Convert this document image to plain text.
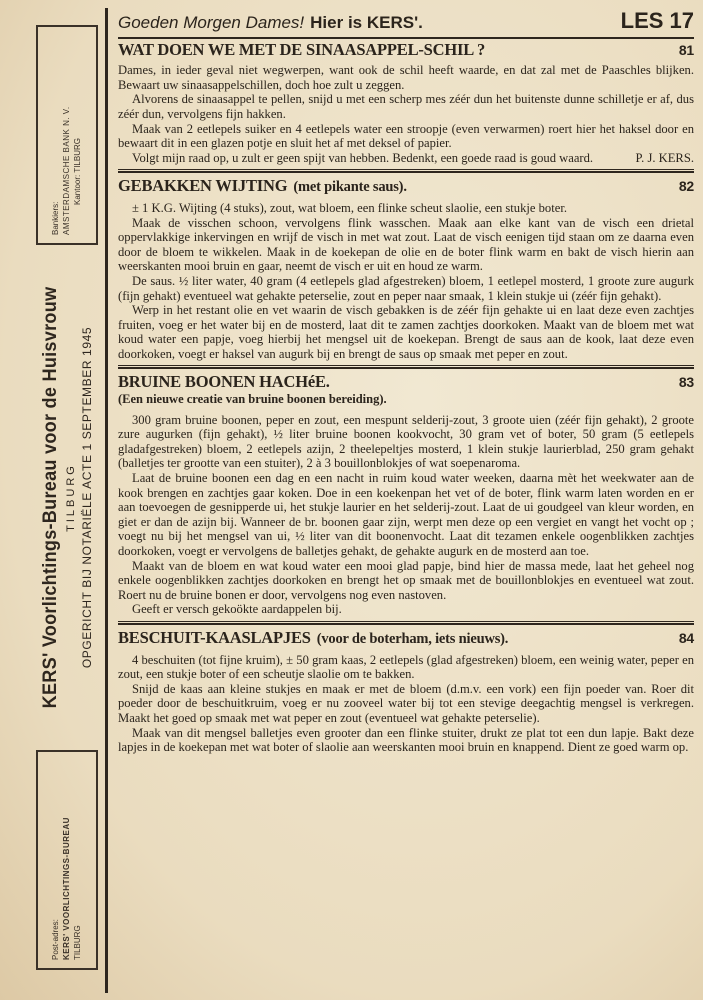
Post-adres: KERS' VOORLICHTINGS-BUREAU TILBURG
KERS' Voorlichtings-Bureau voor de Huisvrouw TILBURG OPGERICHT BIJ NOTARIËLE ACTE 1 SEPTEMBER 1945
Bankiers: AMSTERDAMSCHE BANK N. V. Kantoor: TILBURG
Goeden Morgen Dames! Hier is KERS'.	LES 17
WAT DOEN WE MET DE SINAASAPPEL-SCHIL ?	81

Dames, in ieder geval niet wegwerpen, want ook de schil heeft waarde, en dat zal met de Paaschles blijken. Bewaart uw sinaasappelschillen, doch hoe zult u zeggen.

Alvorens de sinaasappel te pellen, snijd u met een scherp mes zéér dun het buitenste dunne schilletje er af, dus zéér dun, vervolgens fijn hakken.

Maak van 2 eetlepels suiker en 4 eetlepels water een stroopje (even verwarmen) roert hier het haksel door en bewaart dit in een glazen potje en sluit het af met deksel of papier.

Volgt mijn raad op, u zult er geen spijt van hebben. Bedenkt, een goede raad is goud waard.	P. J. KERS.
GEBAKKEN WIJTING (met pikante saus).	82

± 1 K.G. Wijting (4 stuks), zout, wat bloem, een flinke scheut slaolie, een stukje boter.

Maak de visschen schoon, vervolgens flink wasschen. Maak aan elke kant van de visch een drietal oppervlakkige inkervingen en wrijf de visch in met wat zout. Laat de visch eenigen tijd staan om ze daarna even door de bloem te wikkelen. Maak in de koekepan de olie en de boter flink warm en bakt de visch hierin aan weerskanten mooi bruin en gaar, neemt de visch er uit en houd ze warm.

De saus. ½ liter water, 40 gram (4 eetlepels glad afgestreken) bloem, 1 eetlepel mosterd, 1 groote zure augurk (fijn gehakt) eventueel wat gehakte peterselie, zout en peper naar smaak, 1 klein stukje ui (zéér fijn gehakt).

Werp in het restant olie en vet waarin de visch gebakken is de zéér fijn gehakte ui en laat deze even zachtjes fruiten, voeg er het water bij en de mosterd, laat dit te zamen zachtjes doorkoken. Maakt van de bloem met wat koud water een papje, voeg hierbij het mengsel uit de koekepan. Brengt de saus aan de kook, laat deze even doorkoken, voegt er haksel van augurk bij en brengt de saus op smaak met peper en zout.

BRUINE BOONEN HACHéE.	83
(Een nieuwe creatie van bruine boonen bereiding).

300 gram bruine boonen, peper en zout, een mespunt selderij-zout, 3 groote uien (zéér fijn gehakt), 2 groote zure augurken (fijn gehakt), ½ liter bruine boonen kookvocht, 30 gram vet of boter, 50 gram (5 eetlepels gladafgestreken) bloem, 2 eetlepels azijn, 2 theelepeltjes mosterd, 1 klein stukje laurierblad, 250 gram gehakt (balletjes ter grootte van een stuiter), 2 à 3 bouillonblokjes of wat soepenaroma.

Laat de bruine boonen een dag en een nacht in ruim koud water weeken, daarna mèt het weekwater aan de kook brengen en zachtjes gaar koken. Doe in een koekenpan het vet of de boter, flink warm laten worden en er aan toevoegen de gesnipperde ui, het stukje laurier en het selderij-zout. Laat de ui goudgeel van kleur worden, en giet er dan de azijn bij. Wanneer de br. boonen gaar zijn, werpt men deze op een vergiet en vangt het vocht op ; voegt nu bij het mengsel van ui, ½ liter van dit boonenvocht. Laat dit tezamen enkele oogenblikken zachtjes doorkoken, voegt er vervolgens de balletjes gehakt, de gehakte augurk en de mosterd aan toe.

Maakt van de bloem en wat koud water een mooi glad papje, bind hier de massa mede, laat het geheel nog enkele oogenblikken zachtjes doorkoken en brengt het op smaak met de bouillonblokjes en eventueel wat zout. Roert nu de bruine bonen er door, vervolgens nog even nastoven.

Geeft er versch gekoökte aardappelen bij.

BESCHUIT-KAASLAPJES (voor de boterham, iets nieuws).	84

4 beschuiten (tot fijne kruim), ± 50 gram kaas, 2 eetlepels (glad afgestreken) bloem, een weinig water, peper en zout, een stukje boter of een scheutje slaolie om te bakken.

Snijd de kaas aan kleine stukjes en maak er met de bloem (d.m.v. een vork) een fijn poeder van. Roer dit poeder door de beschuitkruim, voeg er nu zooveel water bij tot een stevige deegachtig mengsel is verkregen. Maakt het goed op smaak met wat peper en zout (eventueel wat gehakte peterselie).

Maak van dit mengsel balletjes even grooter dan een flinke stuiter, drukt ze plat tot een dun lapje. Bakt deze lapjes in de koekepan met wat boter of slaolie aan weerskanten mooi bruin en knappend. Dient ze goed warm op.
